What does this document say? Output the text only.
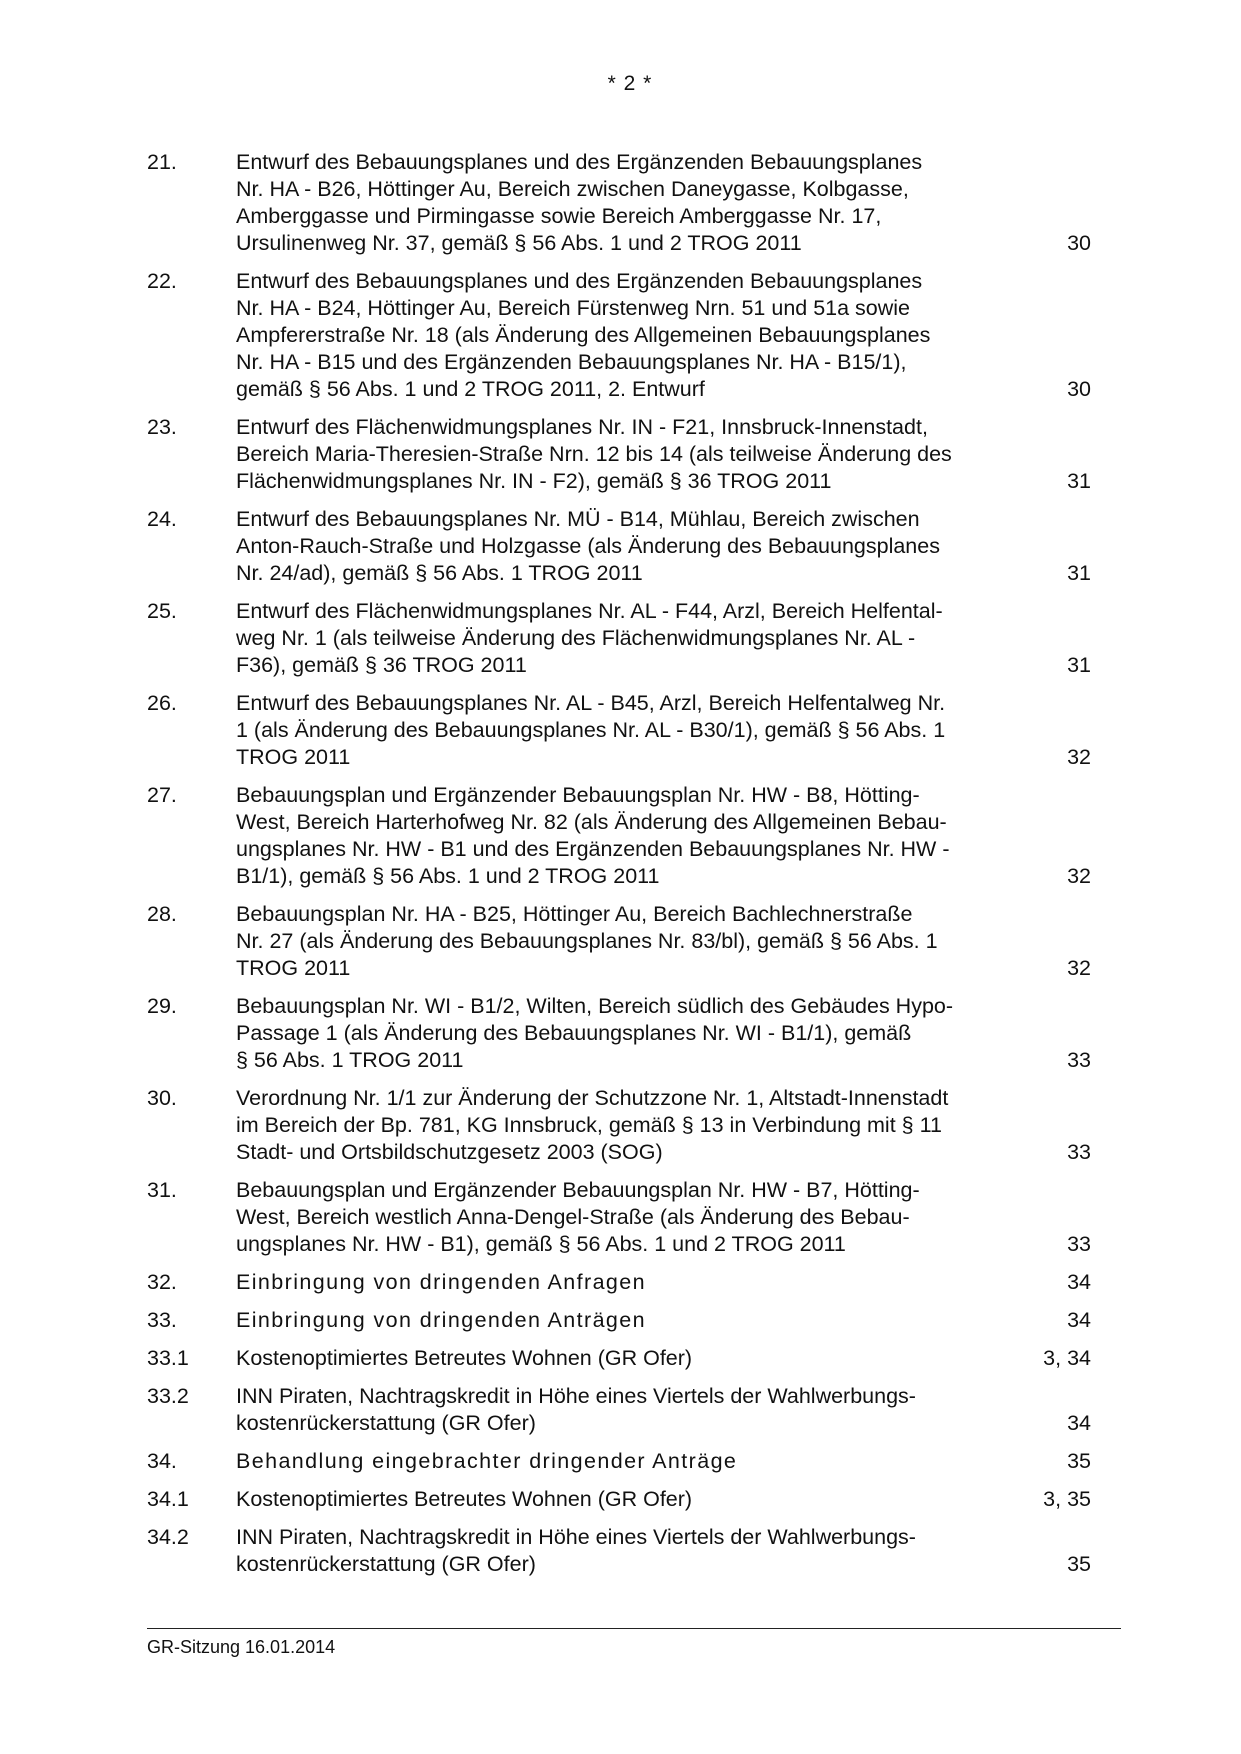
* 2 *
21.	Entwurf des Bebauungsplanes und des Ergänzenden Bebauungsplanes
Nr. HA - B26, Höttinger Au, Bereich zwischen Daneygasse, Kolbgasse,
Amberggasse und Pirmingasse sowie Bereich Amberggasse Nr. 17,
Ursulinenweg Nr. 37, gemäß § 56 Abs. 1 und 2 TROG 2011	30
22.	Entwurf des Bebauungsplanes und des Ergänzenden Bebauungsplanes
Nr. HA - B24, Höttinger Au, Bereich Fürstenweg Nrn. 51 und 51a sowie
Ampfererstraße Nr. 18 (als Änderung des Allgemeinen Bebauungsplanes
Nr. HA - B15 und des Ergänzenden Bebauungsplanes Nr. HA - B15/1),
gemäß § 56 Abs. 1 und 2 TROG 2011, 2. Entwurf	30
23.	Entwurf des Flächenwidmungsplanes Nr. IN - F21, Innsbruck-Innenstadt,
Bereich Maria-Theresien-Straße Nrn. 12 bis 14 (als teilweise Änderung des
Flächenwidmungsplanes Nr. IN - F2), gemäß § 36 TROG 2011	31
24.	Entwurf des Bebauungsplanes Nr. MÜ - B14, Mühlau, Bereich zwischen
Anton-Rauch-Straße und Holzgasse (als Änderung des Bebauungsplanes
Nr. 24/ad), gemäß § 56 Abs. 1 TROG 2011	31
25.	Entwurf des Flächenwidmungsplanes Nr. AL - F44, Arzl, Bereich Helfental-
weg Nr. 1 (als teilweise Änderung des Flächenwidmungsplanes Nr. AL -
F36), gemäß § 36 TROG 2011	31
26.	Entwurf des Bebauungsplanes Nr. AL - B45, Arzl, Bereich Helfentalweg Nr.
1 (als Änderung des Bebauungsplanes Nr. AL - B30/1), gemäß § 56 Abs. 1
TROG 2011	32
27.	Bebauungsplan und Ergänzender Bebauungsplan Nr. HW - B8, Hötting-
West, Bereich Harterhofweg Nr. 82 (als Änderung des Allgemeinen Bebau-
ungsplanes Nr. HW - B1 und des Ergänzenden Bebauungsplanes Nr. HW -
B1/1), gemäß § 56 Abs. 1 und 2 TROG 2011	32
28.	Bebauungsplan Nr. HA - B25, Höttinger Au, Bereich Bachlechnerstraße
Nr. 27 (als Änderung des Bebauungsplanes Nr. 83/bl), gemäß § 56 Abs. 1
TROG 2011	32
29.	Bebauungsplan Nr. WI - B1/2, Wilten, Bereich südlich des Gebäudes Hypo-
Passage 1 (als Änderung des Bebauungsplanes Nr. WI - B1/1), gemäß
§ 56 Abs. 1 TROG 2011	33
30.	Verordnung Nr. 1/1 zur Änderung der Schutzzone Nr. 1, Altstadt-Innenstadt
im Bereich der Bp. 781, KG Innsbruck, gemäß § 13 in Verbindung mit § 11
Stadt- und Ortsbildschutzgesetz 2003 (SOG)	33
31.	Bebauungsplan und Ergänzender Bebauungsplan Nr. HW - B7, Hötting-
West, Bereich westlich Anna-Dengel-Straße (als Änderung des Bebau-
ungsplanes Nr. HW - B1), gemäß § 56 Abs. 1 und 2 TROG 2011	33
32.	Einbringung von dringenden Anfragen	34
33.	Einbringung von dringenden Anträgen	34
33.1 Kostenoptimiertes Betreutes Wohnen (GR Ofer)	3, 34
33.2 INN Piraten, Nachtragskredit in Höhe eines Viertels der Wahlwerbungs-
kostenrückerstattung (GR Ofer)	34
34.	Behandlung eingebrachter dringender Anträge	35
34.1 Kostenoptimiertes Betreutes Wohnen (GR Ofer)	3, 35
34.2 INN Piraten, Nachtragskredit in Höhe eines Viertels der Wahlwerbungs-
kostenrückerstattung (GR Ofer)	35
GR-Sitzung 16.01.2014
